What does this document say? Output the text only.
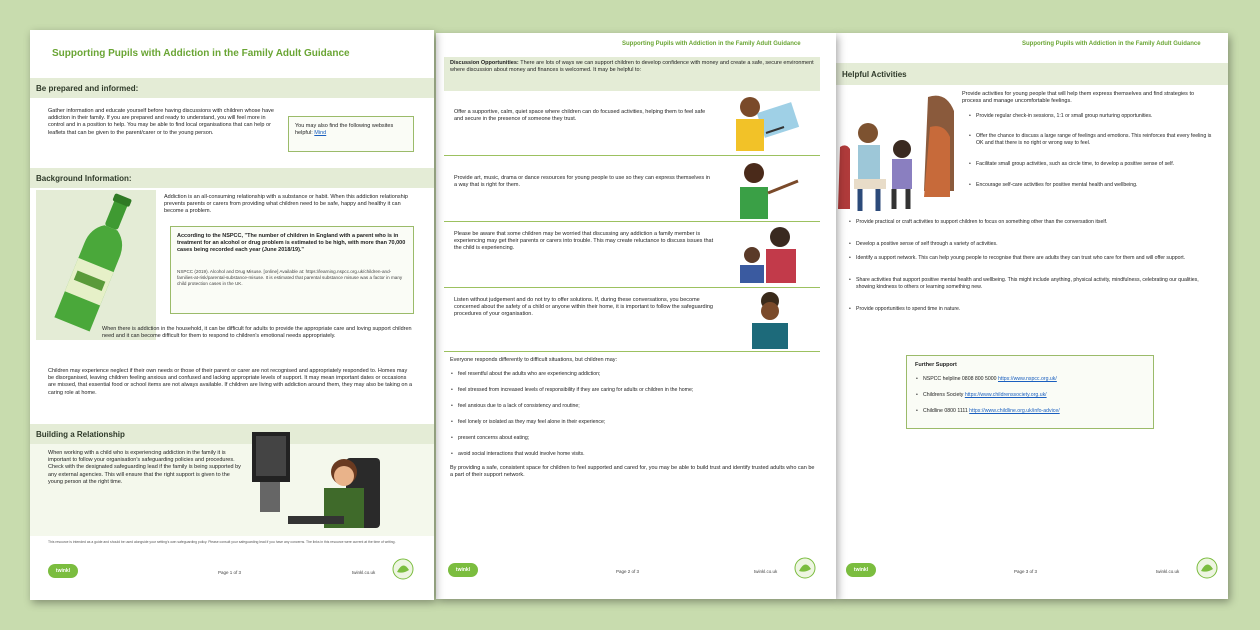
Supporting Pupils with Addiction in the Family Adult Guidance
Helpful Activities
Provide activities for young people that will help them express themselves and find strategies to process and manage uncomfortable feelings.
• Provide regular check-in sessions, 1:1 or small group nurturing opportunities.
• Offer the chance to discuss a large range of feelings and emotions. This reinforces that every feeling is OK and that there is no right or wrong way to feel.
• Facilitate small group activities, such as circle time, to develop a positive sense of self.
• Encourage self-care activities for positive mental health and wellbeing.
• Provide practical or craft activities to support children to focus on something other than the conversation itself.
• Develop a positive sense of self through a variety of activities.
• Identify a support network. This can help young people to recognise that there are adults they can trust who care for them and will offer support.
• Share activities that support positive mental health and wellbeing. This might include anything, physical activity, mindfulness, celebrating our qualities, showing kindness to others or learning something new.
• Provide opportunities to spend time in nature.
Further Support
• NSPCC helpline 0808 800 5000 https://www.nspcc.org.uk/
• Childrens Society https://www.childrenssociety.org.uk/
• Childline 0800 1111 https://www.childline.org.uk/info-advice/
twinkl	Page 3 of 3	twinkl.co.uk
Supporting Pupils with Addiction in the Family Adult Guidance
Discussion Opportunities: There are lots of ways we can support children to develop confidence with money and create a safe, secure environment where discussion about money and finances is welcomed. It may be helpful to:
Offer a supportive, calm, quiet space where children can do focused activities, helping them to feel safe and secure in the presence of someone they trust.
Provide art, music, drama or dance resources for young people to use so they can express themselves in a way that is right for them.
Please be aware that some children may be worried that discussing any addiction a family member is experiencing may get their parents or carers into trouble. This may create reluctance to discuss issues that the child is experiencing.
Listen without judgement and do not try to offer solutions. If, during these conversations, you become concerned about the safety of a child or anyone within their home, it is important to follow the safeguarding procedures of your organisation.
Everyone responds differently to difficult situations, but children may:
• feel resentful about the adults who are experiencing addiction;
• feel stressed from increased levels of responsibility if they are caring for adults or children in the home;
• feel anxious due to a lack of consistency and routine;
• feel lonely or isolated as they may feel alone in their experience;
• present concerns about eating;
• avoid social interactions that would involve home visits.
By providing a safe, consistent space for children to feel supported and cared for, you may be able to build trust and identify trusted adults who can be a part of their support network.
twinkl	Page 2 of 3	twinkl.co.uk
Supporting Pupils with Addiction in the Family Adult Guidance
Be prepared and informed:
Gather information and educate yourself before having discussions with children whose have addiction in their family. If you are prepared and ready to understand, you will feel more in control and in a position to help. You may be able to find local organisations that can help or leaflets that can be given to the parent/carer or to the young person.
You may also find the following websites helpful: Mind
Background Information:
Addiction is an all-consuming relationship with a substance or habit. When this addiction relationship prevents parents or carers from providing what children need to be safe, happy and healthy it can become a problem.
According to the NSPCC, "The number of children in England with a parent who is in treatment for an alcohol or drug problem is estimated to be high, with more than 70,000 cases being recorded each year (June 2018/19)."
NSPCC (2019). Alcohol and Drug Misuse. [online] Available at: https://learning.nspcc.org.uk/children-and-families-at-risk/parental-substance-misuse. It is estimated that parental substance misuse was a factor in many child protection cases in the UK.
When there is addiction in the household, it can be difficult for adults to provide the appropriate care and loving support children need and it can become difficult for them to respond to children's emotional needs appropriately.
Children may experience neglect if their own needs or those of their parent or carer are not recognised and appropriately responded to. Homes may be disorganised, leaving children feeling anxious and confused and lacking appropriate levels of support. It may mean important dates or occasions are missed, that essential food or school items are not always available. If children are living with addiction around them, they may also be taking on a caring role at home.
Building a Relationship
When working with a child who is experiencing addiction in the family it is important to follow your organisation's safeguarding policies and procedures. Check with the designated safeguarding lead if the family is being supported by any external agencies. This will ensure that the right support is given to the young person at the right time.
This resource is intended as a guide and should be used alongside your setting's own safeguarding policy. Please consult your safeguarding lead if you have any concerns. The links in this resource were current at the time of writing.
twinkl	Page 1 of 3	twinkl.co.uk
